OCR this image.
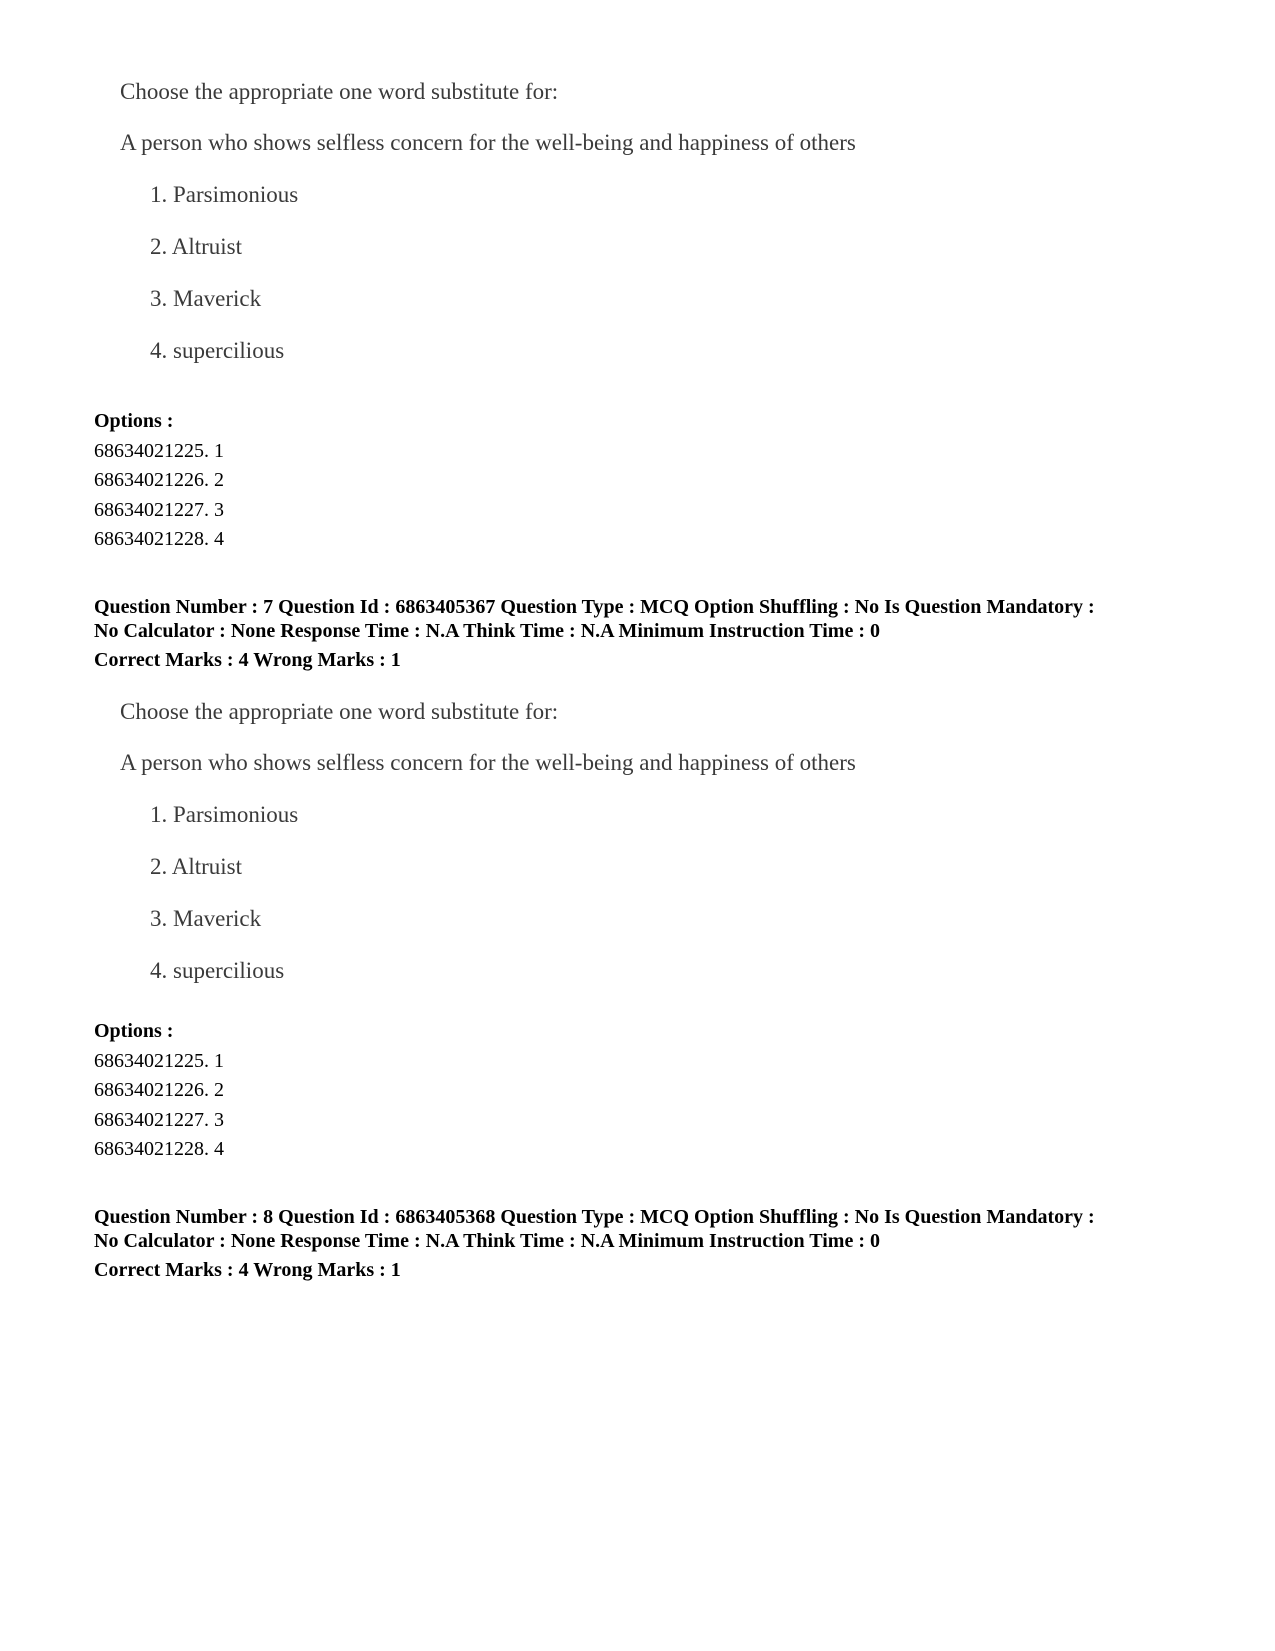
Choose the appropriate one word substitute for:
A person who shows selfless concern for the well-being and happiness of others
1. Parsimonious
2. Altruist
3. Maverick
4. supercilious
Options :
68634021225. 1
68634021226. 2
68634021227. 3
68634021228. 4
Question Number : 7 Question Id : 6863405367 Question Type : MCQ Option Shuffling : No Is Question Mandatory :
No Calculator : None Response Time : N.A Think Time : N.A Minimum Instruction Time : 0
Correct Marks : 4 Wrong Marks : 1
Choose the appropriate one word substitute for:
A person who shows selfless concern for the well-being and happiness of others
1. Parsimonious
2. Altruist
3. Maverick
4. supercilious
Options :
68634021225. 1
68634021226. 2
68634021227. 3
68634021228. 4
Question Number : 8 Question Id : 6863405368 Question Type : MCQ Option Shuffling : No Is Question Mandatory :
No Calculator : None Response Time : N.A Think Time : N.A Minimum Instruction Time : 0
Correct Marks : 4 Wrong Marks : 1
